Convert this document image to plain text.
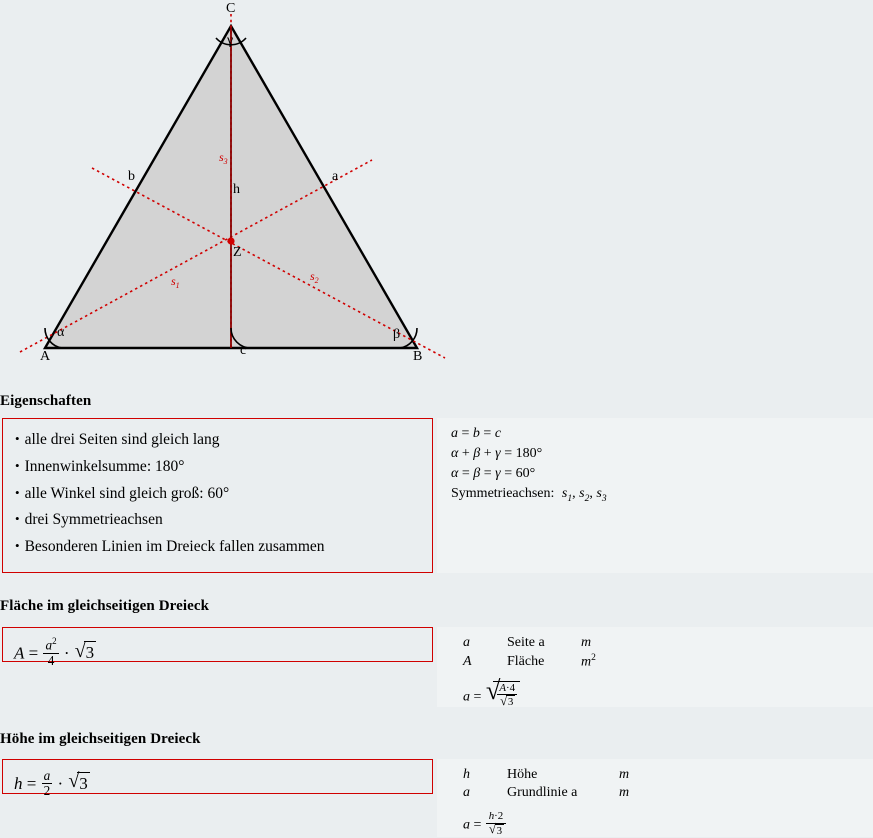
A	B
C
b	a
c
h
Z
α	β
γ
$s_1$
$s_2$
$s_3$
Eigenschaften
• alle drei Seiten sind gleich lang
• Innenwinkelsumme: 180°
• alle Winkel sind gleich groß: 60°
• drei Symmetrieachsen
• Besonderen Linien im Dreieck fallen zusammen
a = b = c
α + β + γ = 180°
α = β = γ = 60°
Symmetrieachsen: $s_1$, $s_2$, $s_3$
Fläche im gleichseitigen Dreieck
$A = \frac{a^2}{4}$ · √ 3
a	Seite a	m
A	Fläche	$m^2$
a = √
$\frac{A\cdot 4}{√ 3}$
Höhe im gleichseitigen Dreieck
$h = \frac{a}{2}$ · √ 3	h	Höhe	m
a	Grundlinie a	m
$a = \frac{h\cdot 2}{√ 3}$
